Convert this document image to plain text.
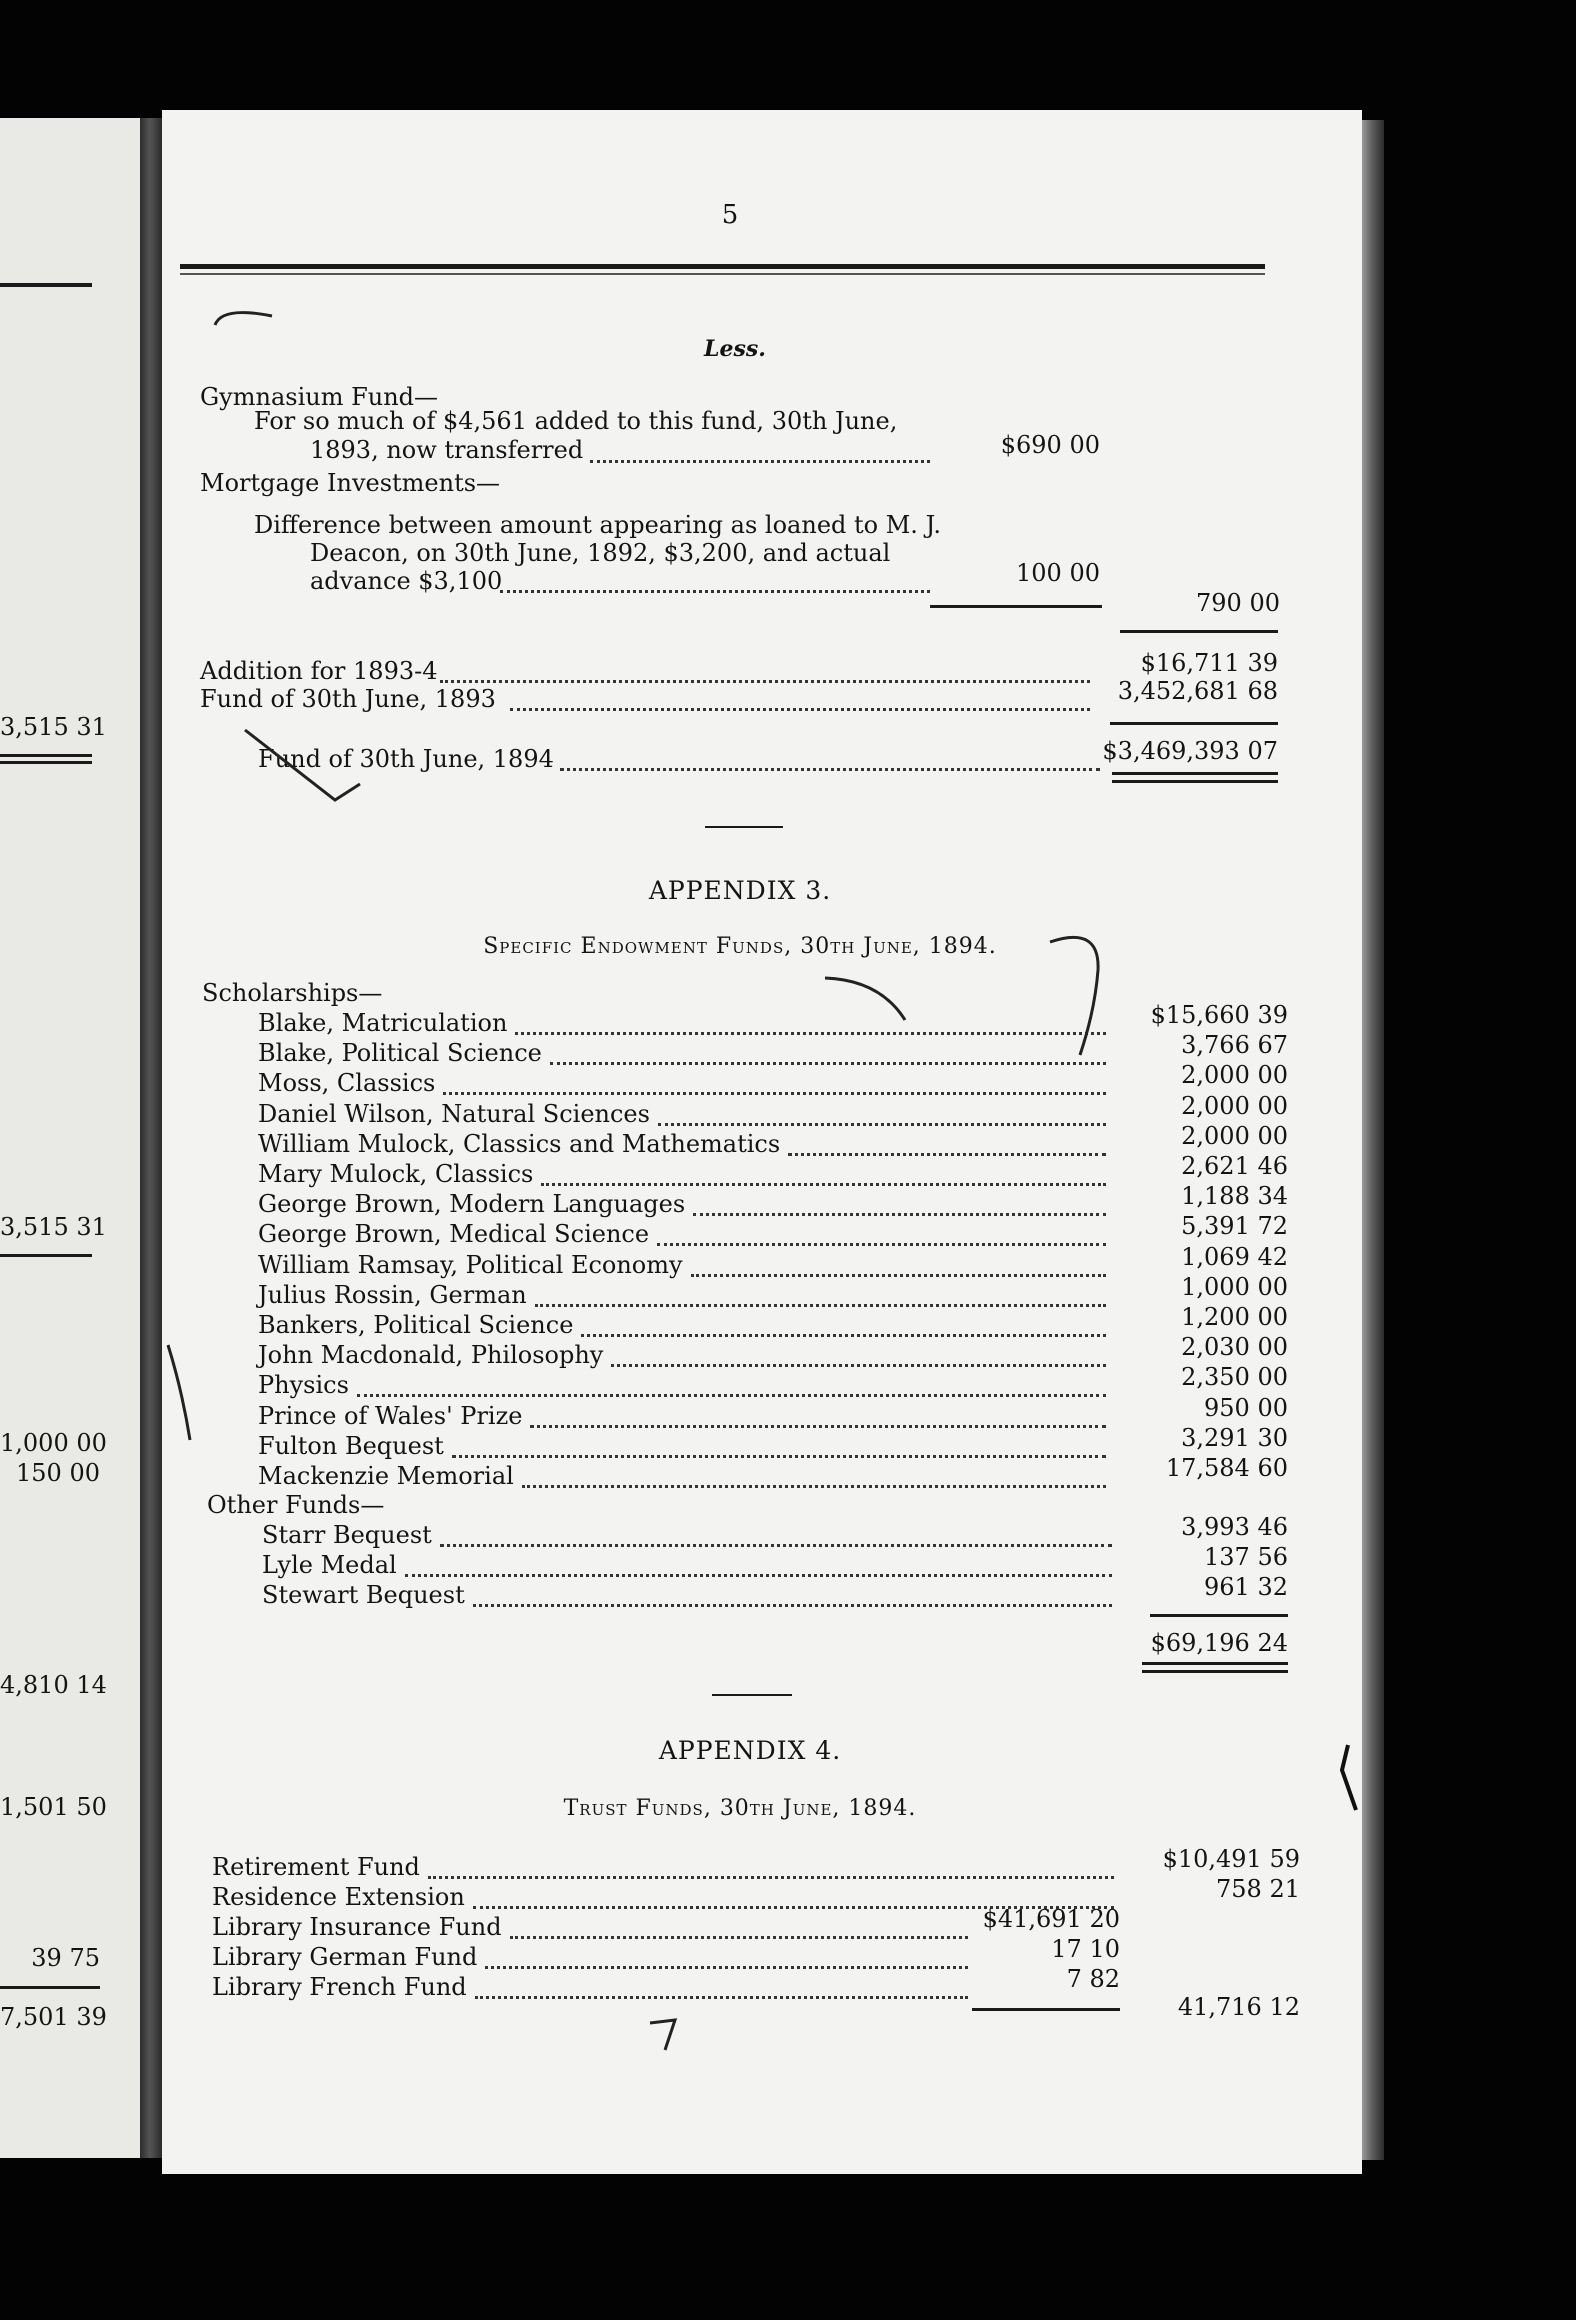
3,515 31
3,515 31
1,000 00
150 00
4,810 14
1,501 50
39 75
7,501 39
5
Less.
Gymnasium Fund—
For so much of $4,561 added to this fund, 30th June,
1893, now transferred	$690 00
Mortgage Investments—
Difference between amount appearing as loaned to M. J.
Deacon, on 30th June, 1892, $3,200, and actual
advance $3,100	100 00
790 00
Addition for 1893-4	$16,711 39
Fund of 30th June, 1893	3,452,681 68
Fund of 30th June, 1894	$3,469,393 07
APPENDIX 3.
Specific Endowment Funds, 30th June, 1894.
Scholarships—
Blake, Matriculation	$15,660 39
Blake, Political Science	3,766 67
Moss, Classics	2,000 00
Daniel Wilson, Natural Sciences	2,000 00
William Mulock, Classics and Mathematics	2,000 00
Mary Mulock, Classics	2,621 46
George Brown, Modern Languages	1,188 34
George Brown, Medical Science	5,391 72
William Ramsay, Political Economy	1,069 42
Julius Rossin, German	1,000 00
Bankers, Political Science	1,200 00
John Macdonald, Philosophy	2,030 00
Physics	2,350 00
Prince of Wales' Prize	950 00
Fulton Bequest	3,291 30
Mackenzie Memorial	17,584 60
Other Funds—
Starr Bequest	3,993 46
Lyle Medal	137 56
Stewart Bequest	961 32
$69,196 24
APPENDIX 4.
Trust Funds, 30th June, 1894.
Retirement Fund	$10,491 59
Residence Extension	758 21
Library Insurance Fund	$41,691 20
Library German Fund	17 10
Library French Fund	7 82
41,716 12
